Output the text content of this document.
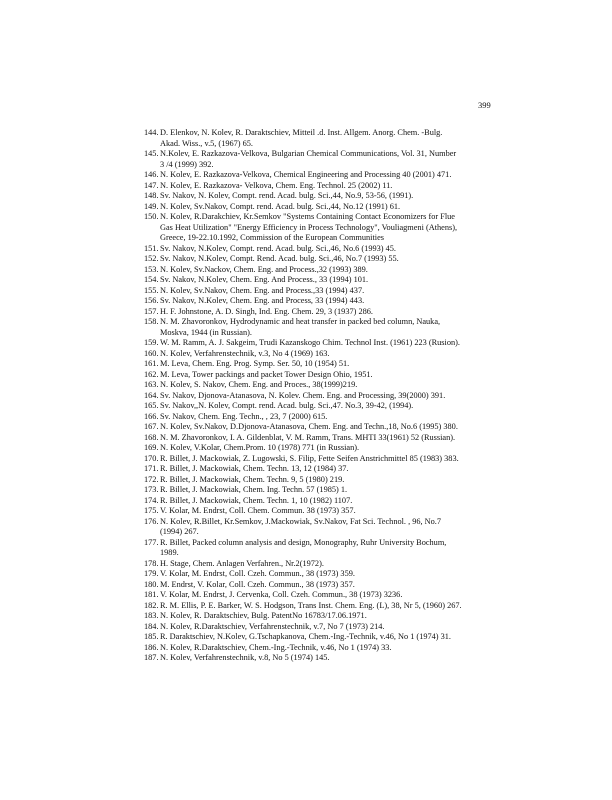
399
144. D. Elenkov, N. Kolev, R. Daraktschiev, Mitteil .d. Inst. Allgem. Anorg. Chem. -Bulg.
Akad. Wiss., v.5, (1967) 65.
145. N.Kolev, E. Razkazova-Velkova, Bulgarian Chemical Communications, Vol. 31, Number
3 /4 (1999) 392.
146. N. Kolev, E. Razkazova-Velkova, Chemical Engineering and Processing 40 (2001) 471.
147. N. Kolev, E. Razkazova- Velkova, Chem. Eng. Technol. 25 (2002) 11.
148. Sv. Nakov, N. Kolev, Compt. rend. Acad. bulg. Sci.,44, No.9, 53-56, (1991).
149. N. Kolev, Sv.Nakov, Compt. rend. Acad. bulg. Sci.,44, No.12 (1991) 61.
150. N. Kolev, R.Darakchiev, Kr.Semkov "Systems Containing Contact Economizers for Flue
Gas Heat Utilization" "Energy Efficiency in Process Technology", Vouliagmeni (Athens),
Greece, 19-22.10.1992, Commission of the European Communities
151. Sv. Nakov, N.Kolev, Compt. rend. Acad. bulg. Sci.,46, No.6 (1993) 45.
152. Sv. Nakov, N.Kolev, Compt. Rend. Acad. bulg. Sci.,46, No.7 (1993) 55.
153. N. Kolev, Sv.Nackov, Chem. Eng. and Process.,32 (1993) 389.
154. Sv. Nakov, N.Kolev, Chem. Eng. And Process., 33 (1994) 101.
155. N. Kolev, Sv.Nakov, Chem. Eng. and Process.,33 (1994) 437.
156. Sv. Nakov, N.Kolev, Chem. Eng. and Process, 33 (1994) 443.
157. H. F. Johnstone, A. D. Singh, Ind. Eng. Chem. 29, 3 (1937) 286.
158. N. M. Zhavoronkov, Hydrodynamic and heat transfer in packed bed column, Nauka,
Moskva, 1944 (in Russian).
159. W. M. Ramm, A. J. Sakgeim, Trudi Kazanskogo Chim. Technol Inst. (1961) 223 (Rusion).
160. N. Kolev, Verfahrenstechnik, v.3, No 4 (1969) 163.
161. M. Leva, Chem. Eng. Prog. Symp. Ser. 50, 10 (1954) 51.
162. M. Leva, Tower packings and packet Tower Design Ohio, 1951.
163. N. Kolev, S. Nakov, Chem. Eng. and Proces., 38(1999)219.
164. Sv. Nakov, Djonova-Atanasova, N. Kolev. Chem. Eng. and Processing, 39(2000) 391.
165. Sv. Nakov,,N. Kolev, Compt. rend. Acad. bulg. Sci.,47. No.3, 39-42, (1994).
166. Sv. Nakov, Chem. Eng. Techn., , 23, 7 (2000) 615.
167. N. Kolev, Sv.Nakov, D.Djonova-Atanasova, Chem. Eng. and Techn.,18, No.6 (1995) 380.
168. N. M. Zhavoronkov, I. A. Gildenblat, V. M. Ramm, Trans. MHTI 33(1961) 52 (Russian).
169. N. Kolev, V.Kolar, Chem.Prom. 10 (1978) 771 (in Russian).
170. R. Billet, J. Mackowiak, Z. Lugowski, S. Filip, Fette Seifen Anstrichmittel 85 (1983) 383.
171. R. Billet, J. Mackowiak, Chem. Techn. 13, 12 (1984) 37.
172. R. Billet, J. Mackowiak, Chem. Techn. 9, 5 (1980) 219.
173. R. Billet, J. Mackowiak, Chem. Ing. Techn. 57 (1985) 1.
174. R. Billet, J. Mackowiak, Chem. Techn. 1, 10 (1982) 1107.
175. V. Kolar, M. Endrst, Coll. Chem. Commun. 38 (1973) 357.
176. N. Kolev, R.Billet, Kr.Semkov, J.Mackowiak, Sv.Nakov, Fat Sci. Technol. , 96, No.7
(1994) 267.
177. R. Billet, Packed column analysis and design, Monography, Ruhr University Bochum,
1989.
178. H. Stage, Chem. Anlagen Verfahren., Nr.2(1972).
179. V. Kolar, M. Endrst, Coll. Czeh. Commun., 38 (1973) 359.
180. M. Endrst, V. Kolar, Coll. Czeh. Commun., 38 (1973) 357.
181. V. Kolar, M. Endrst, J. Cervenka, Coll. Czeh. Commun., 38 (1973) 3236.
182. R. M. Ellis, P. E. Barker, W. S. Hodgson, Trans Inst. Chem. Eng. (L), 38, Nr 5, (1960) 267.
183. N. Kolev, R. Daraktschiev, Bulg. PatentNo 16783/17.06.1971.
184. N. Kolev, R.Daraktschiev, Verfahrenstechnik, v.7, No 7 (1973) 214.
185. R. Daraktschiev, N.Kolev, G.Tschapkanova, Chem.-Ing.-Technik, v.46, No 1 (1974) 31.
186. N. Kolev, R.Daraktschiev, Chem.-Ing.-Technik, v.46, No 1 (1974) 33.
187. N. Kolev, Verfahrenstechnik, v.8, No 5 (1974) 145.
